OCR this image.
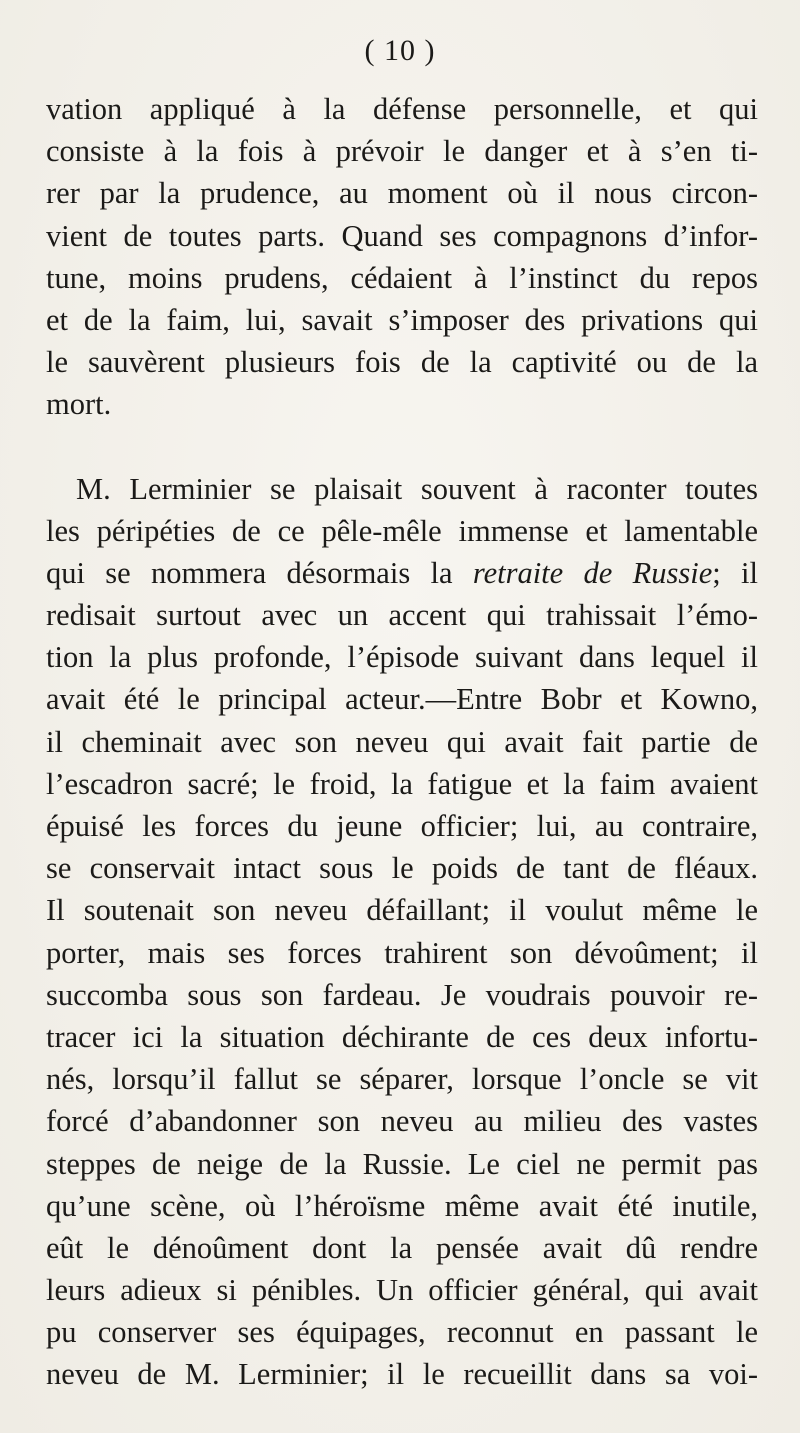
( 10 )
vation appliqué à la défense personnelle, et qui
consiste à la fois à prévoir le danger et à s’en ti-
rer par la prudence, au moment où il nous circon-
vient de toutes parts. Quand ses compagnons d’infor-
tune, moins prudens, cédaient à l’instinct du repos
et de la faim, lui, savait s’imposer des privations qui
le sauvèrent plusieurs fois de la captivité ou de la
mort.
M. Lerminier se plaisait souvent à raconter toutes
les péripéties de ce pêle-mêle immense et lamentable
qui se nommera désormais la retraite de Russie; il
redisait surtout avec un accent qui trahissait l’émo-
tion la plus profonde, l’épisode suivant dans lequel il
avait été le principal acteur.—Entre Bobr et Kowno,
il cheminait avec son neveu qui avait fait partie de
l’escadron sacré; le froid, la fatigue et la faim avaient
épuisé les forces du jeune officier; lui, au contraire,
se conservait intact sous le poids de tant de fléaux.
Il soutenait son neveu défaillant; il voulut même le
porter, mais ses forces trahirent son dévoûment; il
succomba sous son fardeau. Je voudrais pouvoir re-
tracer ici la situation déchirante de ces deux infortu-
nés, lorsqu’il fallut se séparer, lorsque l’oncle se vit
forcé d’abandonner son neveu au milieu des vastes
steppes de neige de la Russie. Le ciel ne permit pas
qu’une scène, où l’héroïsme même avait été inutile,
eût le dénoûment dont la pensée avait dû rendre
leurs adieux si pénibles. Un officier général, qui avait
pu conserver ses équipages, reconnut en passant le
neveu de M. Lerminier; il le recueillit dans sa voi-
